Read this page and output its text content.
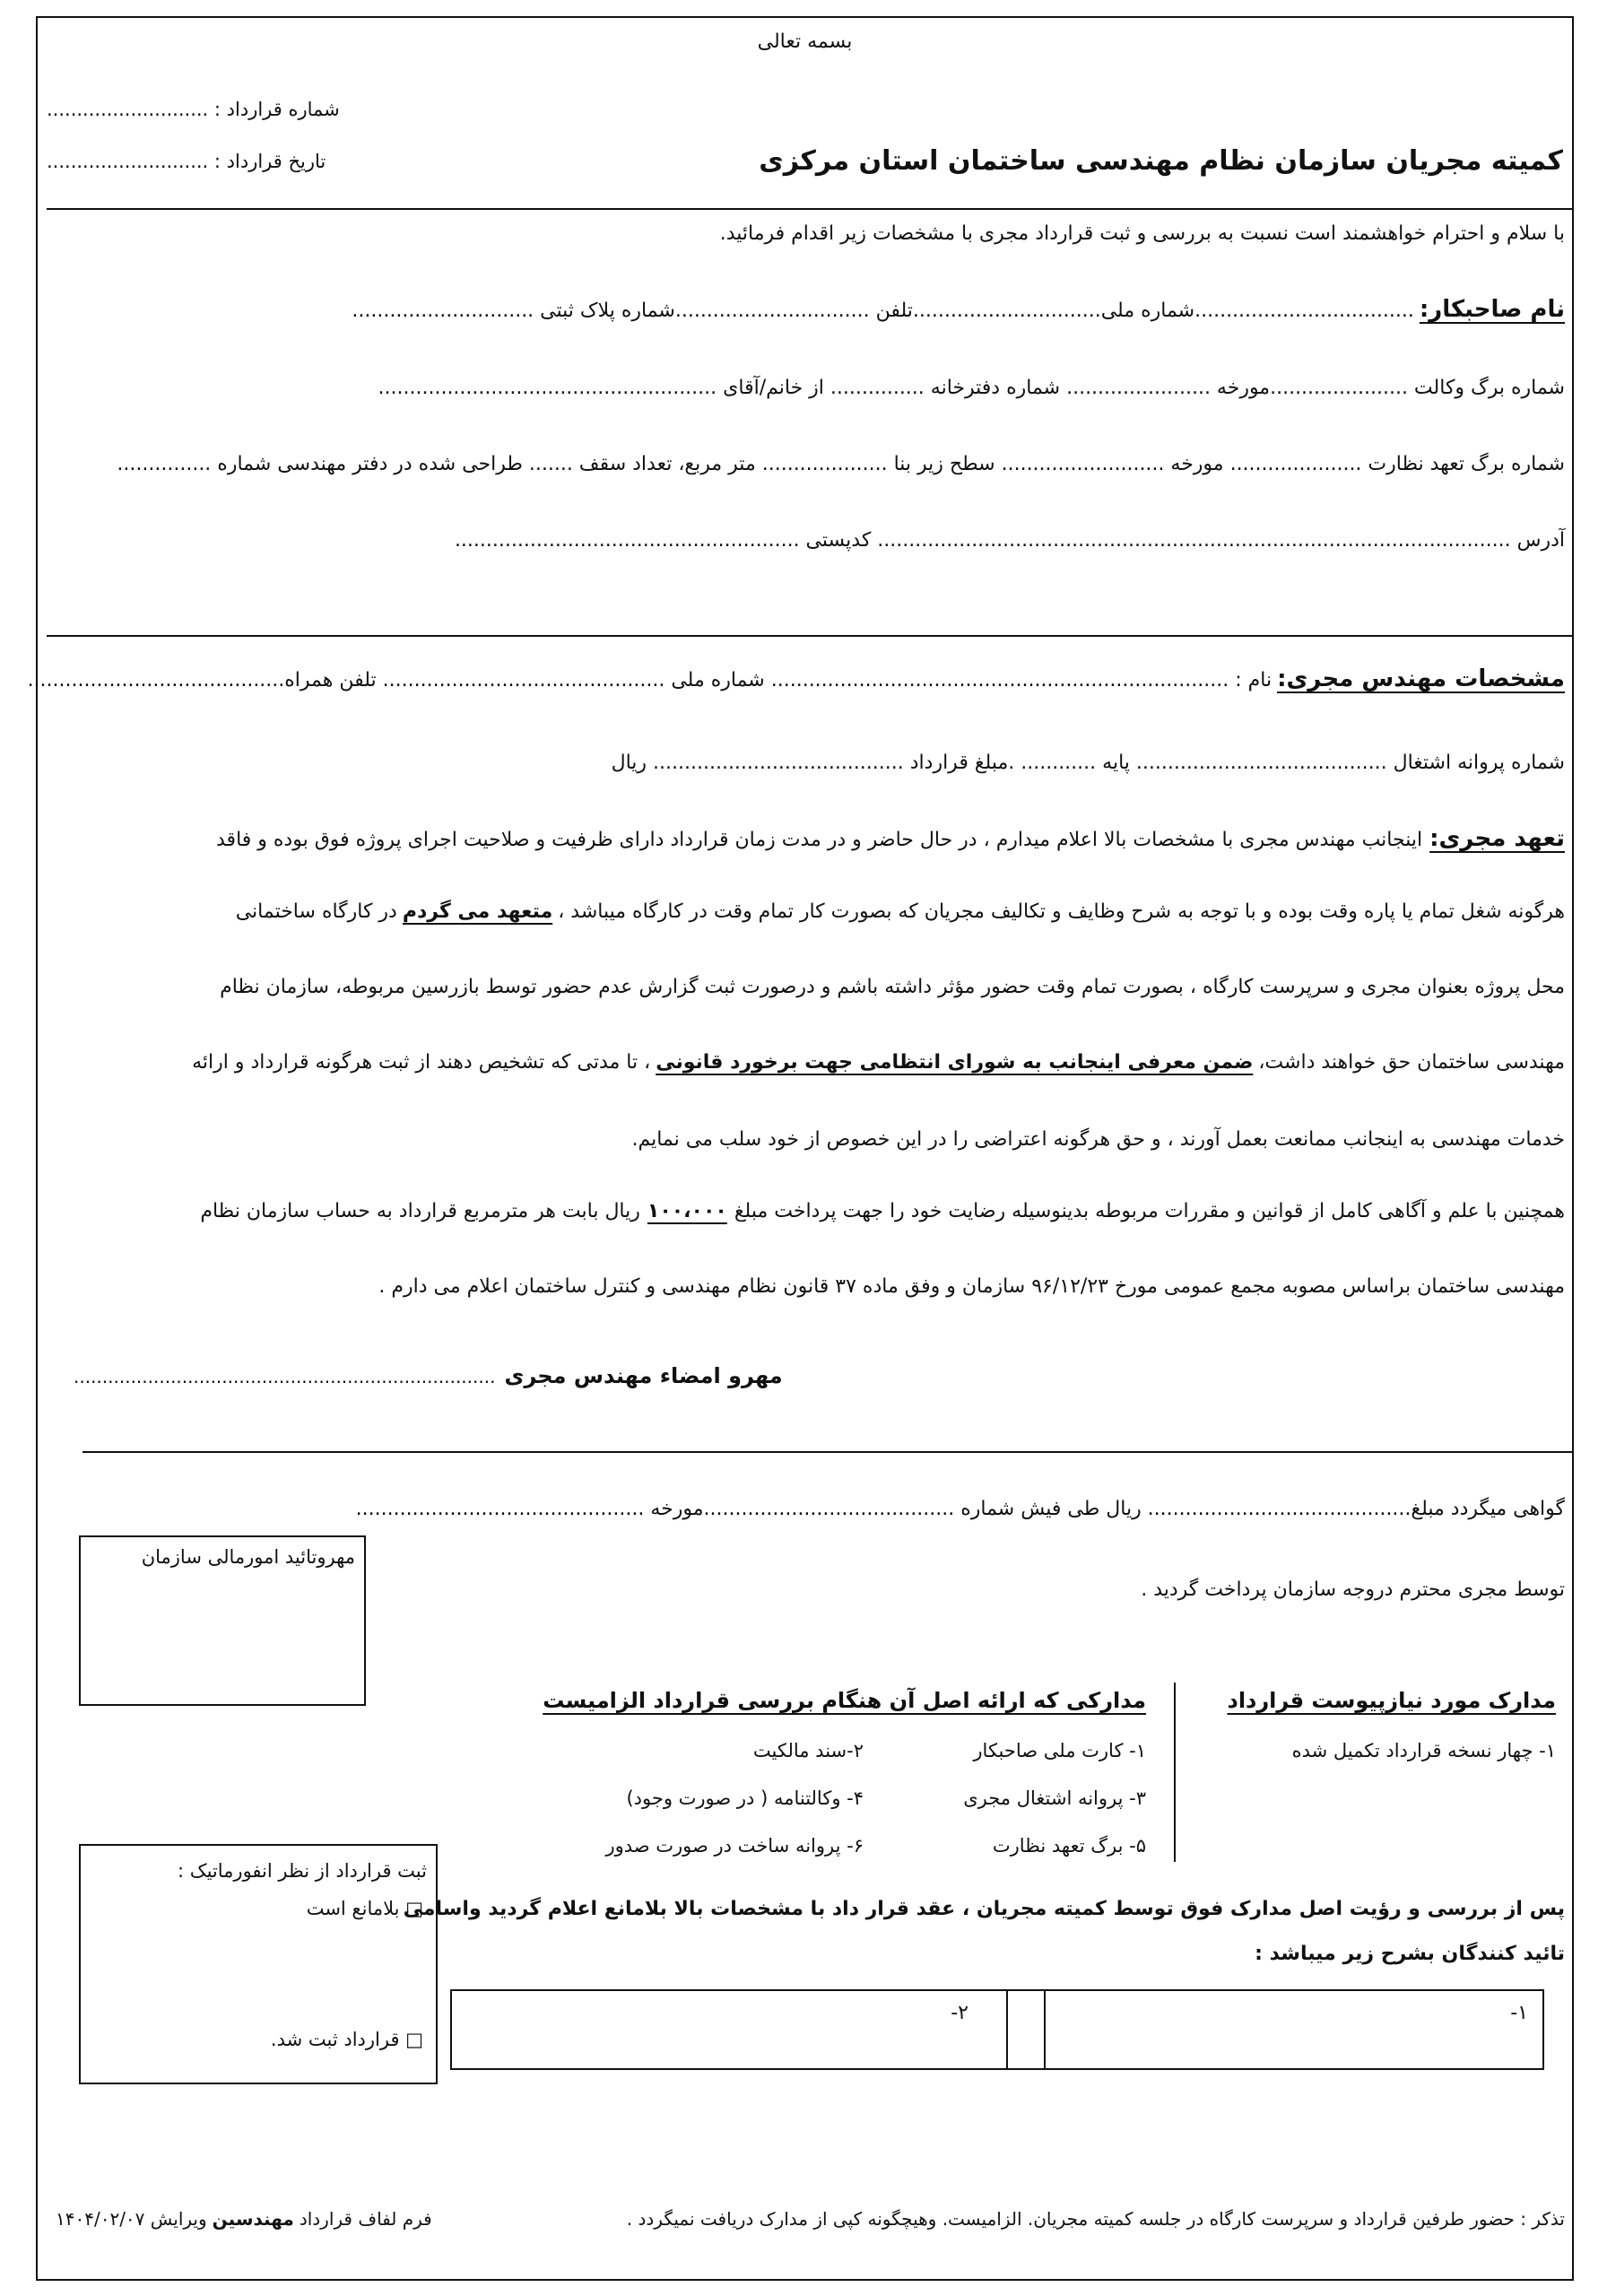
بسمه تعالی
شماره قرارداد : ...........................
تاریخ قرارداد : ...........................	کمیته مجریان سازمان نظام مهندسی ساختمان استان مرکزی
با سلام و احترام خواهشمند است نسبت به بررسی و ثبت قرارداد مجری با مشخصات زیر اقدام فرمائید.
نام صاحبکار:
...................................شماره ملی..............................تلفن ...............................شماره پلاک ثبتی .............................
شماره برگ وکالت ......................مورخه ....................... شماره دفترخانه ............... از خانم/آقای ......................................................
شماره برگ تعهد نظارت ..................... مورخه .......................... سطح زیر بنا .................... متر مربع، تعداد سقف ....... طراحی شده در دفتر مهندسی شماره ...............
آدرس ..................................................................................................... کدپستی .......................................................
مشخصات مهندس مجری:
نام : ......................................................................... شماره ملی ............................................. تلفن همراه.........................................
شماره پروانه اشتغال ........................................ پایه ............ .مبلغ قرارداد ........................................ ریال
تعهد مجری:
اینجانب مهندس مجری با مشخصات بالا اعلام میدارم ، در حال حاضر و در مدت زمان قرارداد دارای ظرفیت و صلاحیت اجرای پروژه فوق بوده و فاقد
هرگونه شغل تمام یا پاره وقت بوده و با توجه به شرح وظایف و تکالیف مجریان که بصورت کار تمام وقت در کارگاه میباشد ،
متعهد می گردم
در کارگاه ساختمانی
محل پروژه بعنوان مجری و سرپرست کارگاه ، بصورت تمام وقت حضور مؤثر داشته باشم و درصورت ثبت گزارش عدم حضور توسط بازرسین مربوطه، سازمان نظام
مهندسی ساختمان حق خواهند داشت،
ضمن معرفی اینجانب به شورای انتظامی جهت برخورد قانونی
، تا مدتی که تشخیص دهند از ثبت هرگونه قرارداد و ارائه
خدمات مهندسی به اینجانب ممانعت بعمل آورند ، و حق هرگونه اعتراضی را در این خصوص از خود سلب می نمایم.
همچنین با علم و آگاهی کامل از قوانین و مقررات مربوطه بدینوسیله رضایت خود را جهت پرداخت مبلغ
۱۰۰،۰۰۰
ریال بابت هر مترمربع قرارداد به حساب سازمان نظام
مهندسی ساختمان براساس مصوبه مجمع عمومی مورخ ۹۶/۱۲/۲۳ سازمان و وفق ماده ۳۷ قانون نظام مهندسی و کنترل ساختمان اعلام می دارم .
مهرو امضاء مهندس مجری
..........................................................................
گواهی میگردد مبلغ.......................................... ریال طی فیش شماره ........................................مورخه ..............................................
توسط مجری محترم دروجه سازمان پرداخت گردید .
مهروتائید امورمالی سازمان
مدارک مورد نیازپیوست قرارداد
۱- چهار نسخه قرارداد تکمیل شده
مدارکی که ارائه اصل آن هنگام بررسی قرارداد الزامیست
۱- کارت ملی صاحبکار
۲-سند مالکیت
۳- پروانه اشتغال مجری
۴- وکالتنامه ( در صورت وجود)
۵- برگ تعهد نظارت
۶- پروانه ساخت در صورت صدور
ثبت قرارداد از نظر انفورماتیک :
□ بلامانع است
□ قرارداد ثبت شد.
پس از بررسی و رؤیت اصل مدارک فوق توسط کمیته مجریان ، عقد قرار داد با مشخصات بالا بلامانع اعلام گردید واسامی
تائید کنندگان بشرح زیر میباشد :
۱-
۲-
تذکر : حضور طرفین قرارداد و سرپرست کارگاه در جلسه کمیته مجریان. الزامیست. وهیچگونه کپی از مدارک دریافت نمیگردد .
فرم لفاف قرارداد
مهندسین
ویرایش ۱۴۰۴/۰۲/۰۷
